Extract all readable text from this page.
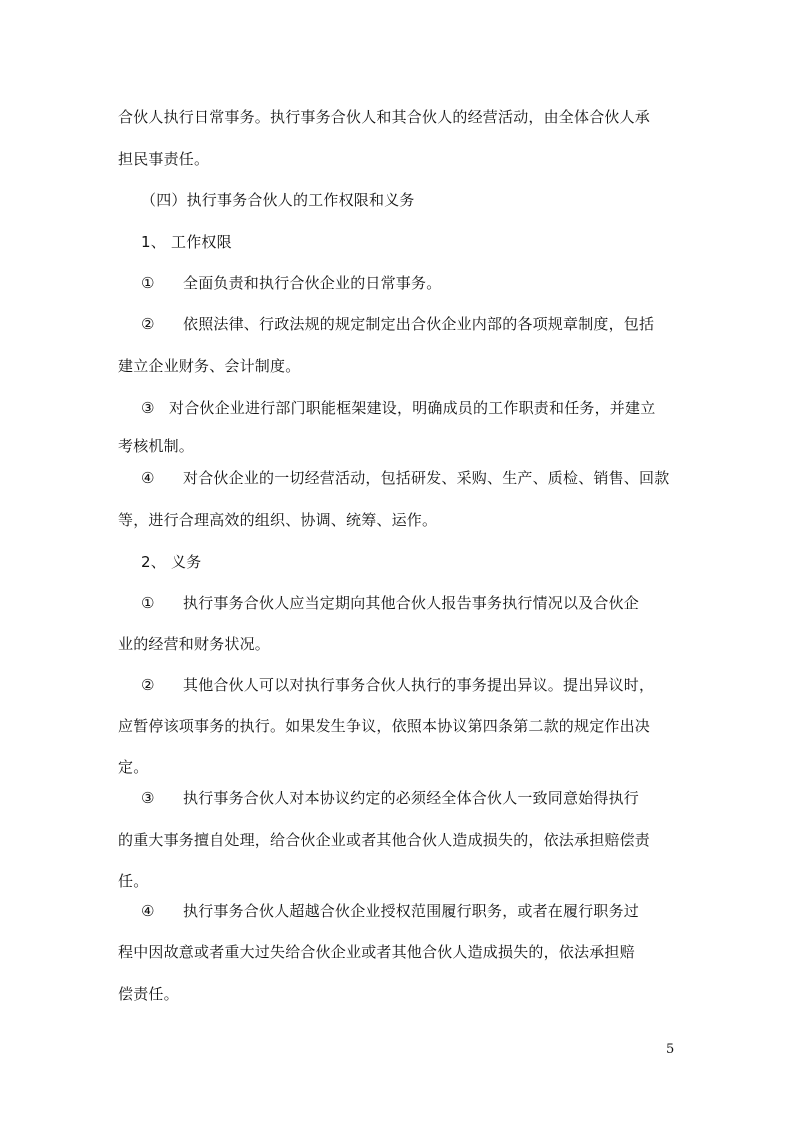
合伙人执行日常事务。执行事务合伙人和其合伙人的经营活动，由全体合伙人承
担民事责任。
（四）执行事务合伙人的工作权限和义务
1、 工作权限
① 全面负责和执行合伙企业的日常事务。
② 依照法律、行政法规的规定制定出合伙企业内部的各项规章制度，包括
建立企业财务、会计制度。
③ 对合伙企业进行部门职能框架建设，明确成员的工作职责和任务，并建立
考核机制。
④ 对合伙企业的一切经营活动，包括研发、采购、生产、质检、销售、回款
等，进行合理高效的组织、协调、统筹、运作。
2、 义务
① 执行事务合伙人应当定期向其他合伙人报告事务执行情况以及合伙企
业的经营和财务状况。
② 其他合伙人可以对执行事务合伙人执行的事务提出异议。提出异议时，
应暂停该项事务的执行。如果发生争议，依照本协议第四条第二款的规定作出决
定。
③ 执行事务合伙人对本协议约定的必须经全体合伙人一致同意始得执行
的重大事务擅自处理，给合伙企业或者其他合伙人造成损失的，依法承担赔偿责
任。
④ 执行事务合伙人超越合伙企业授权范围履行职务，或者在履行职务过
程中因故意或者重大过失给合伙企业或者其他合伙人造成损失的，依法承担赔
偿责任。
5
